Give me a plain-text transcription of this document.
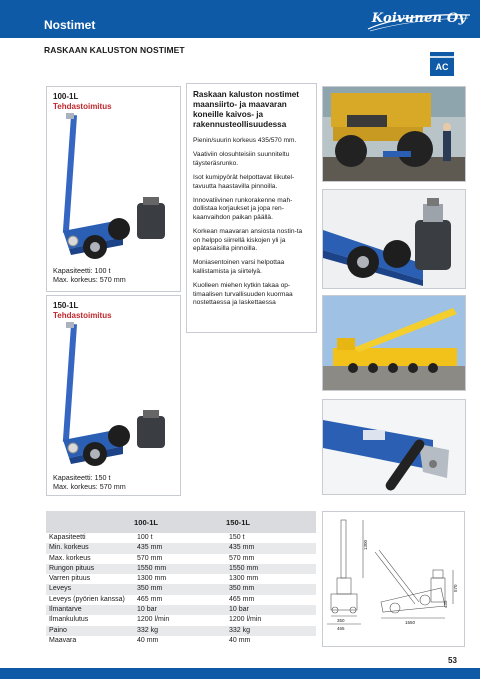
Nostimet	Koivunen Oy
RASKAAN KALUSTON NOSTIMET
AC
100-1L
Tehdastoimitus
Kapasiteetti: 100 t
Max. korkeus: 570 mm
150-1L
Tehdastoimitus
Kapasiteetti: 150 t
Max. korkeus: 570 mm
Raskaan kaluston nostimet maansiirto- ja maavaran koneille kaivos- ja rakennusteollisuudessa

Pienin/suurin korkeus 435/570 mm.

Vaativiin olosuhteisiin suunniteltu täysteräsrunko.

Isot kumipyörät helpottavat liikutel-tavuutta haastavilla pinnoilla.

Innovatiivinen runkorakenne mah-dollistaa korjaukset ja jopa ren-kaanvaihdon paikan päällä.

Korkean maavaran ansiosta nostin-ta on helppo siirrellä kiskojen yli ja epätasaisilla pinnoilla.

Moniasentoinen varsi helpottaa kallistamista ja siirtelyä.

Kuolleen miehen kytkin takaa op-timaalisen turvallisuuden kuormaa nostettaessa ja laskettaessa

	100-1L	150-1L
Kapasiteetti	100 t	150 t
Min. korkeus	435 mm	435 mm
Max. korkeus	570 mm	570 mm
Rungon pituus	1550 mm	1550 mm
Varren pituus	1300 mm	1300 mm
Leveys	350 mm	350 mm
Leveys (pyörien kanssa)	465 mm	465 mm
Ilmantarve	10 bar	10 bar
Ilmankulutus	1200 l/min	1200 l/min
Paino	332 kg	332 kg
Maavara	40 mm	40 mm
1300
350
465
1550
435
570
53
